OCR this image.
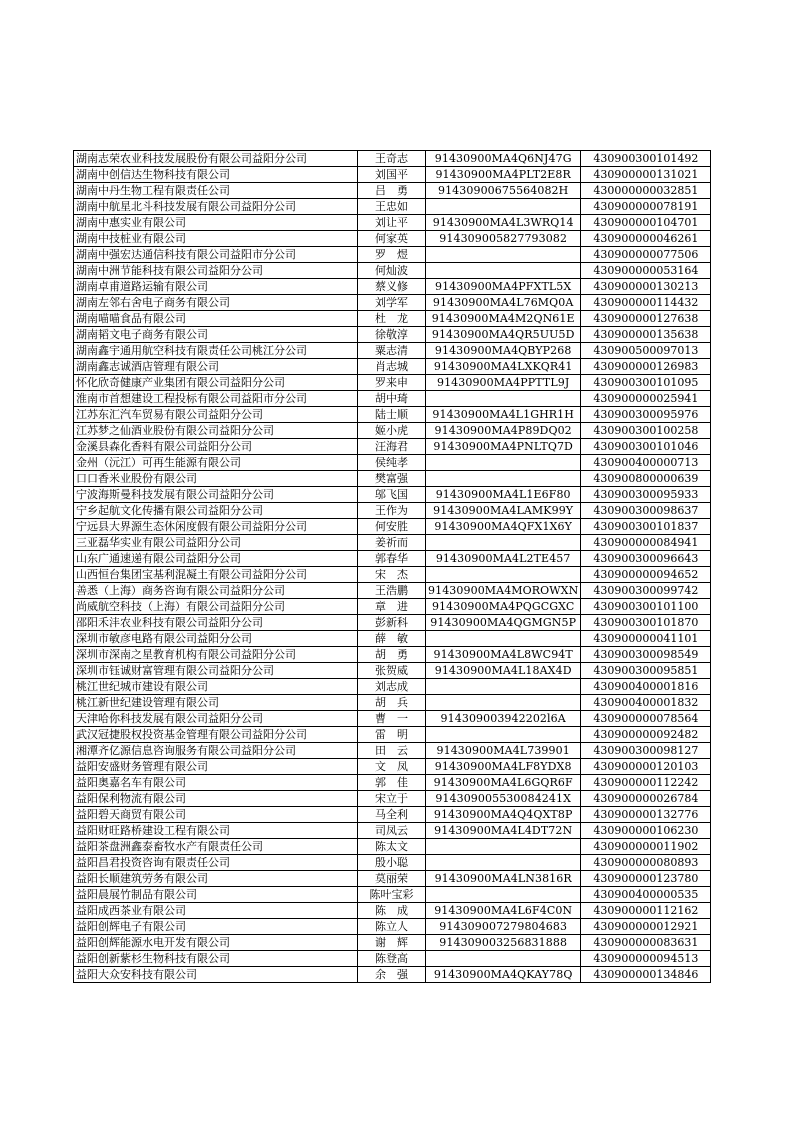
湖南志荣农业科技发展股份有限公司益阳分公司	王奇志	91430900MA4Q6NJ47G	430900300101492
湖南中创信达生物科技有限公司	刘国平	91430900MA4PLT2E8R	430900000131021
湖南中丹生物工程有限责任公司	吕　勇	91430900675564082H	430000000032851
湖南中航星北斗科技发展有限公司益阳分公司	王忠如		430900000078191
湖南中惠实业有限公司	刘让平	91430900MA4L3WRQ14	430900000104701
湖南中技桩业有限公司	何家英	914309005827793082	430900000046261
湖南中强宏达通信科技有限公司益阳市分公司	罗　煜		430900000077506
湖南中洲节能科技有限公司益阳分公司	何灿波		430900000053164
湖南卓甫道路运输有限公司	蔡义修	91430900MA4PFXTL5X	430900000130213
湖南左邻右舍电子商务有限公司	刘学军	91430900MA4L76MQ0A	430900000114432
湖南喵喵食品有限公司	杜　龙	91430900MA4M2QN61E	430900000127638
湖南韬文电子商务有限公司	徐敬淳	91430900MA4QR5UU5D	430900000135638
湖南鑫宇通用航空科技有限责任公司桃江分公司	粟志清	91430900MA4QBYP268	430900500097013
湖南鑫志诚酒店管理有限公司	肖志城	91430900MA4LXKQR41	430900000126983
怀化欣奇健康产业集团有限公司益阳分公司	罗来申	91430900MA4PPTTL9J	430900300101095
淮南市首想建设工程投标有限公司益阳市分公司	胡中琦		430900000025941
江苏东汇汽车贸易有限公司益阳分公司	陆士顺	91430900MA4L1GHR1H	430900300095976
江苏梦之仙酒业股份有限公司益阳分公司	姬小虎	91430900MA4P89DQ02	430900300100258
金溪县森化香料有限公司益阳分公司	汪海君	91430900MA4PNLTQ7D	430900300101046
金州（沅江）可再生能源有限公司	侯纯孝		430900400000713
口口香米业股份有限公司	樊富强		430900800000639
宁波海斯曼科技发展有限公司益阳分公司	邬飞国	91430900MA4L1E6F80	430900300095933
宁乡起航文化传播有限公司益阳分公司	王作为	91430900MA4LAMK99Y	430900300098637
宁远县大界源生态休闲度假有限公司益阳分公司	何安胜	91430900MA4QFX1X6Y	430900300101837
三亚磊华实业有限公司益阳分公司	姜祈而		430900000084941
山东广通速递有限公司益阳分公司	郭春华	91430900MA4L2TE457	430900300096643
山西恒台集团宝基利混凝土有限公司益阳分公司	宋　杰		430900000094652
善悉（上海）商务咨询有限公司益阳分公司	王浩鹏	91430900MA4MOROWXN	430900300099742
尚威航空科技（上海）有限公司益阳分公司	章　进	91430900MA4PQGCGXC	430900300101100
邵阳禾沣农业科技有限公司益阳分公司	彭新科	91430900MA4QGMGN5P	430900300101870
深圳市敏彦电路有限公司益阳分公司	薛　敏		430900000041101
深圳市深南之星教育机构有限公司益阳分公司	胡　勇	91430900MA4L8WC94T	430900300098549
深圳市钰诚财富管理有限公司益阳分公司	张贺威	91430900MA4L18AX4D	430900300095851
桃江世纪城市建设有限公司	刘志成		430900400001816
桃江新世纪建设管理有限公司	胡　兵		430900400001832
天津哈你科技发展有限公司益阳分公司	曹　一	914309003942202l6A	430900000078564
武汉冠捷股权投资基金管理有限公司益阳分公司	雷　明		430900000092482
湘潭齐亿源信息咨询服务有限公司益阳分公司	田　云	91430900MA4L739901	430900300098127
益阳安盛财务管理有限公司	文　凤	91430900MA4LF8YDX8	430900000120103
益阳奥嘉名车有限公司	郭　佳	91430900MA4L6GQR6F	430900000112242
益阳保利物流有限公司	宋立于	914309005530084241X	430900000026784
益阳碧天商贸有限公司	马全利	91430900MA4Q4QXT8P	430900000132776
益阳财旺路桥建设工程有限公司	司凤云	91430900MA4L4DT72N	430900000106230
益阳茶盘洲鑫泰畜牧水产有限责任公司	陈太文		430900000011902
益阳昌君投资咨询有限责任公司	殷小聪		430900000080893
益阳长顺建筑劳务有限公司	莫丽荣	91430900MA4LN3816R	430900000123780
益阳晨展竹制品有限公司	陈叶宝彩		430900400000535
益阳成西茶业有限公司	陈　成	91430900MA4L6F4C0N	430900000112162
益阳创辉电子有限公司	陈立人	914309007279804683	430900000012921
益阳创辉能源水电开发有限公司	谢　辉	914309003256831888	430900000083631
益阳创新紫杉生物科技有限公司	陈登高		430900000094513
益阳大众安科技有限公司	余　强	91430900MA4QKAY78Q	430900000134846
